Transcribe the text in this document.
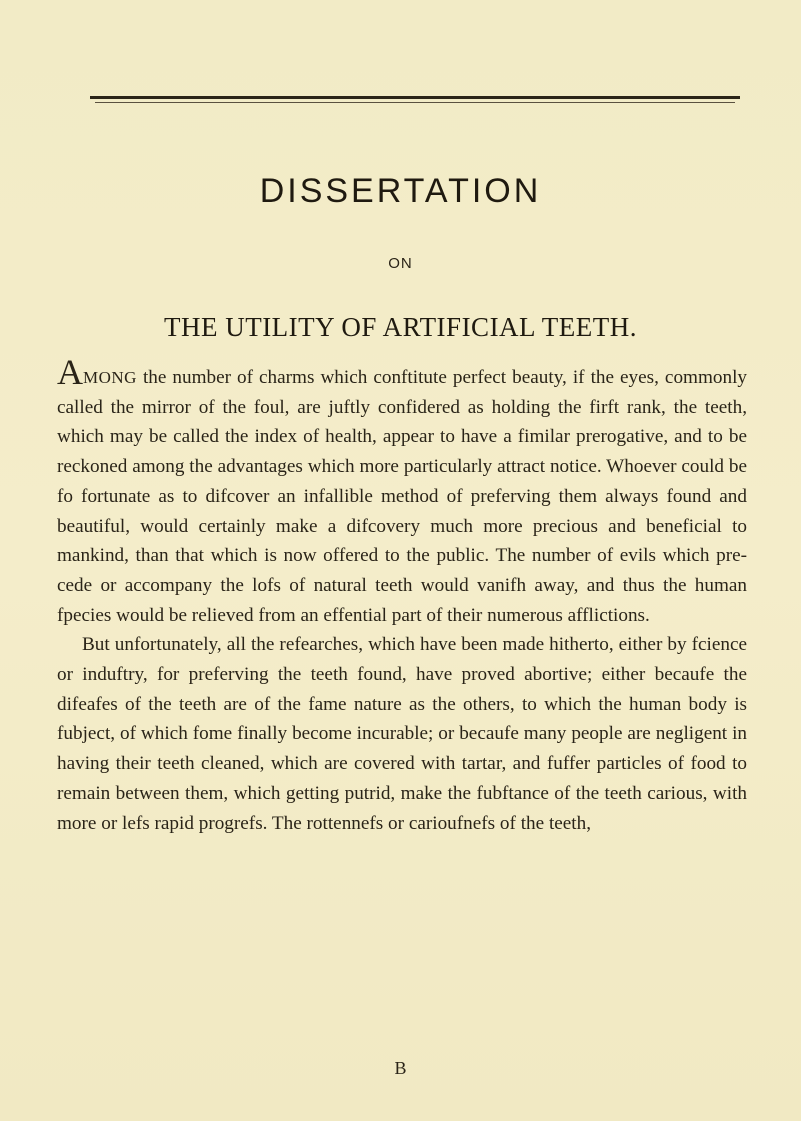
DISSERTATION
ON
THE UTILITY OF ARTIFICIAL TEETH.

AMONG the number of charms which conftitute perfect beauty, if the eyes, commonly called the mirror of the foul, are juftly confidered as holding the firft rank, the teeth, which may be called the index of health, appear to have a fimilar prerogative, and to be reckoned among the advantages which more particularly attract notice. Whoever could be fo fortunate as to difcover an infallible method of preferving them always found and beautiful, would certainly make a difcovery much more precious and beneficial to mankind, than that which is now offered to the public. The number of evils which precede or accompany the lofs of natural teeth would vanifh away, and thus the human fpecies would be relieved from an effential part of their numerous afflictions.

But unfortunately, all the refearches, which have been made hitherto, either by fcience or induftry, for preferving the teeth found, have proved abortive; either becaufe the difeafes of the teeth are of the fame nature as the others, to which the human body is fubject, of which fome finally become incurable; or becaufe many people are negligent in having their teeth cleaned, which are covered with tartar, and fuffer particles of food to remain between them, which getting putrid, make the fubftance of the teeth carious, with more or lefs rapid progrefs. The rottennefs or carioufnefs of the teeth,

B
